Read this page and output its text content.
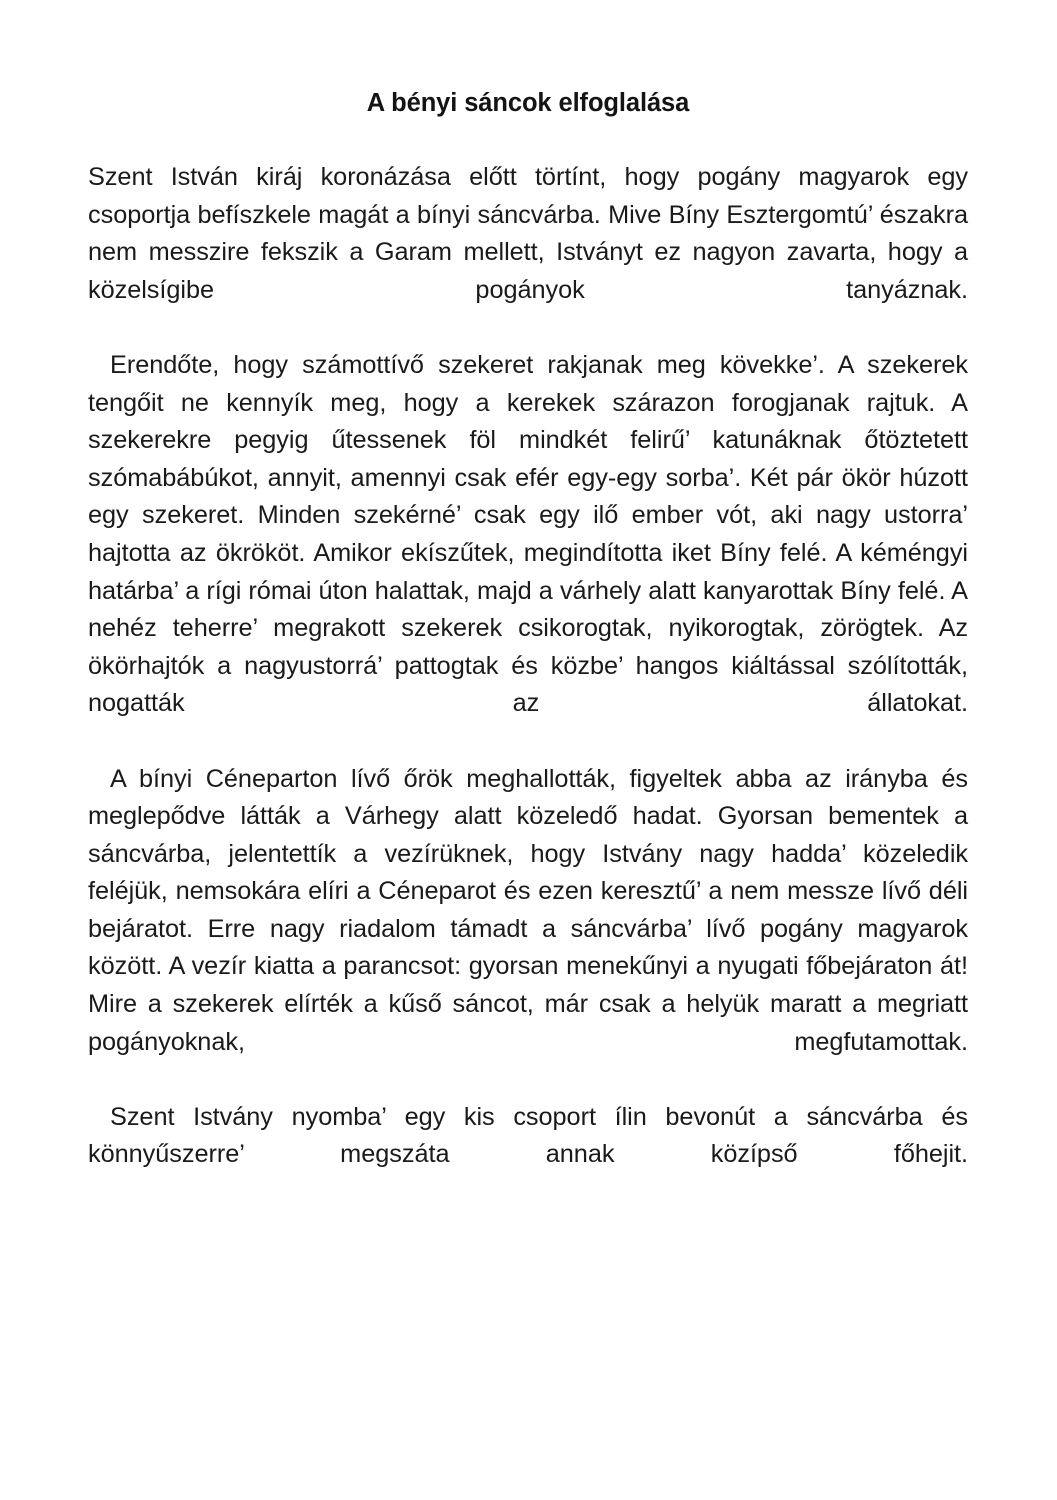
A bényi sáncok elfoglalása

Szent István kiráj koronázása előtt törtínt, hogy pogány magyarok egy csoportja befíszkele magát a bínyi sáncvárba. Mive Bíny Esztergomtú’ északra nem messzire fekszik a Garam mellett, Istványt ez nagyon zavarta, hogy a közelsígibe pogányok tanyáznak.

Erendőte, hogy számottívő szekeret rakjanak meg kövekke’. A szekerek tengőit ne kennyík meg, hogy a kerekek szárazon forogjanak rajtuk. A szekerekre pegyig űtessenek föl mindkét felirű’ katunáknak őtöztetett szómabábúkot, annyit, amennyi csak efér egy-egy sorba’. Két pár ökör húzott egy szekeret. Minden szekérné’ csak egy ilő ember vót, aki nagy ustorra’ hajtotta az ökrököt. Amikor ekíszűtek, megindította iket Bíny felé. A kéméngyi határba’ a rígi római úton halattak, majd a várhely alatt kanyarottak Bíny felé. A nehéz teherre’ megrakott szekerek csikorogtak, nyikorogtak, zörögtek. Az ökörhajtók a nagyustorrá’ pattogtak és közbe’ hangos kiáltással szólították, nogatták az állatokat.

A bínyi Céneparton lívő őrök meghallották, figyeltek abba az irányba és meglepődve látták a Várhegy alatt közeledő hadat. Gyorsan bementek a sáncvárba, jelentettík a vezírüknek, hogy Istvány nagy hadda’ közeledik feléjük, nemsokára elíri a Céneparot és ezen keresztű’ a nem messze lívő déli bejáratot. Erre nagy riadalom támadt a sáncvárba’ lívő pogány magyarok között. A vezír kiatta a parancsot: gyorsan menekűnyi a nyugati főbejáraton át! Mire a szekerek elírték a kűső sáncot, már csak a helyük maratt a megriatt pogányoknak, megfutamottak.

Szent Istvány nyomba’ egy kis csoport ílin bevonút a sáncvárba és könnyűszerre’ megszáta annak közípső főhejit.
